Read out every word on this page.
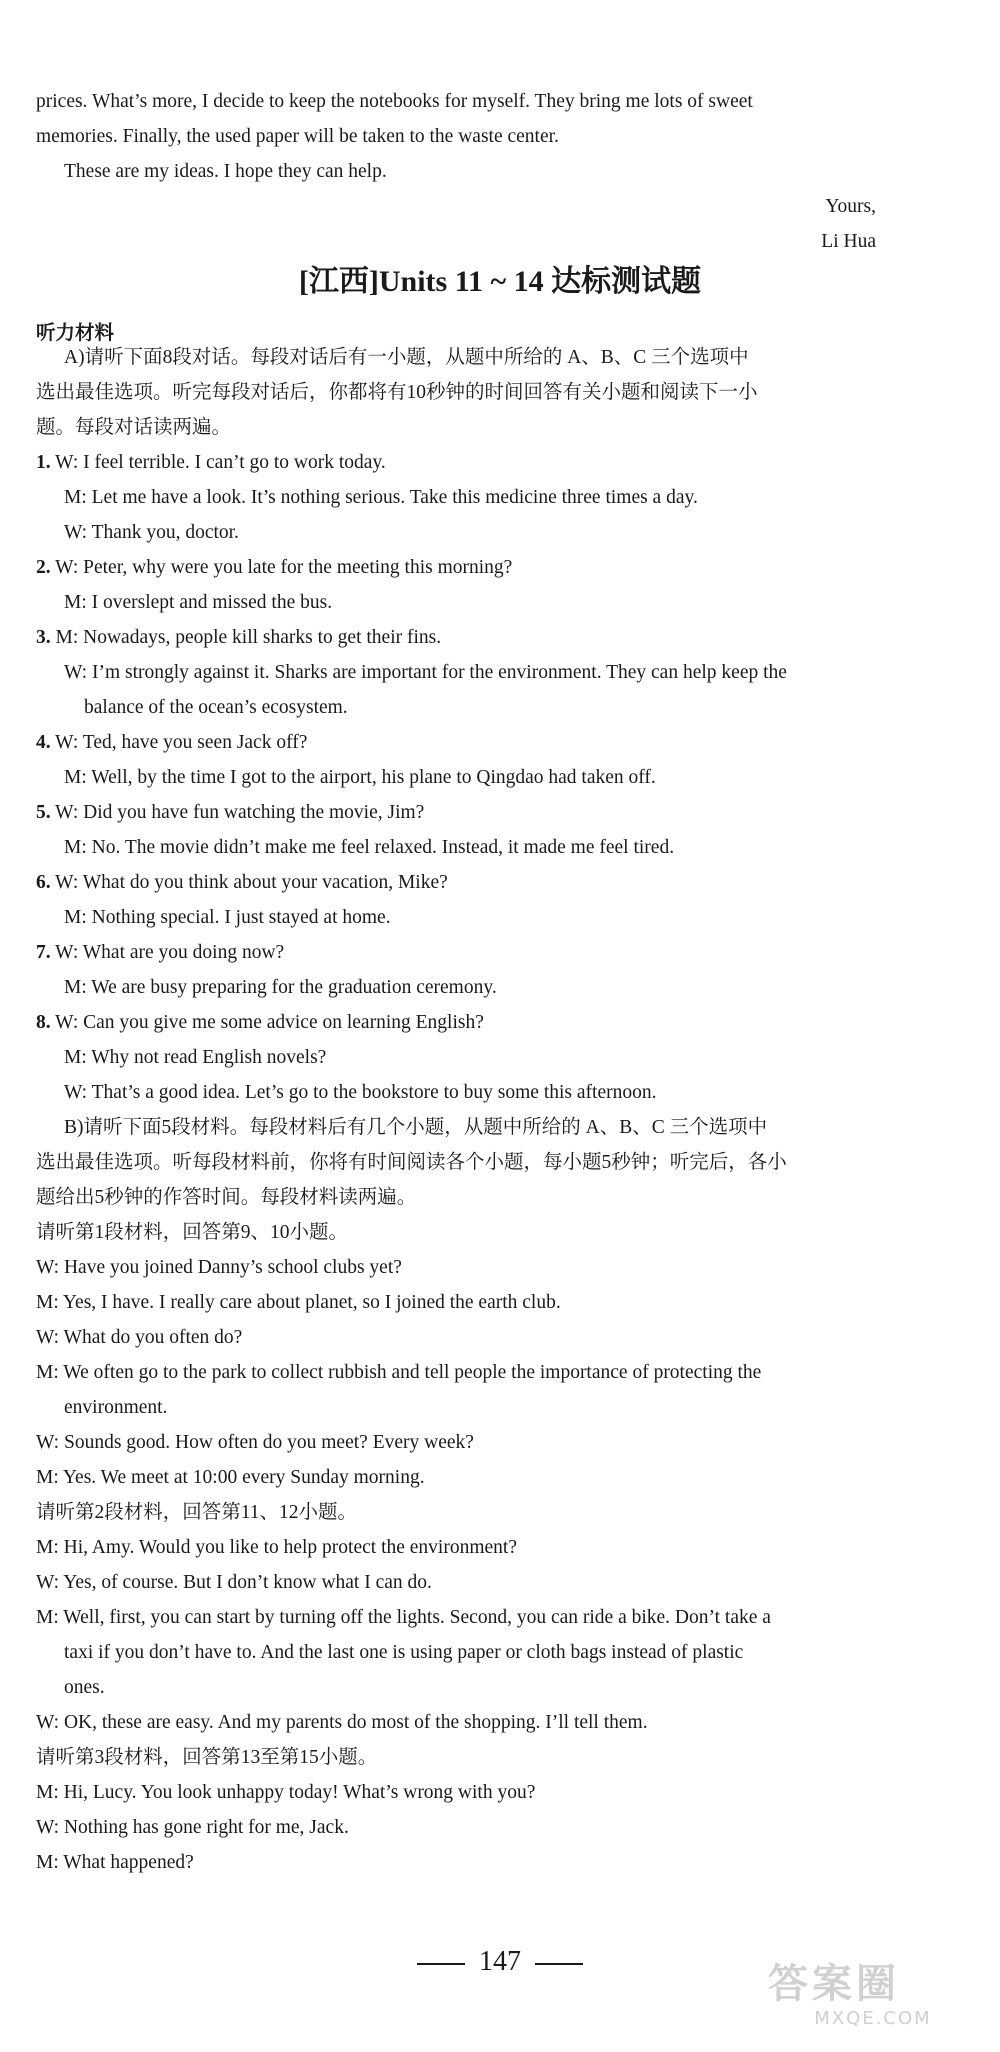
prices. What’s more, I decide to keep the notebooks for myself. They bring me lots of sweet
memories. Finally, the used paper will be taken to the waste center.
These are my ideas. I hope they can help.
Yours,
Li Hua
[江西]Units 11 ~ 14 达标测试题
听力材料
A)请听下面8段对话。每段对话后有一小题，从题中所给的 A、B、C 三个选项中
选出最佳选项。听完每段对话后，你都将有10秒钟的时间回答有关小题和阅读下一小
题。每段对话读两遍。
1. W: I feel terrible. I can’t go to work today.
M: Let me have a look. It’s nothing serious. Take this medicine three times a day.
W: Thank you, doctor.
2. W: Peter, why were you late for the meeting this morning?
M: I overslept and missed the bus.
3. M: Nowadays, people kill sharks to get their fins.
W: I’m strongly against it. Sharks are important for the environment. They can help keep the
balance of the ocean’s ecosystem.
4. W: Ted, have you seen Jack off?
M: Well, by the time I got to the airport, his plane to Qingdao had taken off.
5. W: Did you have fun watching the movie, Jim?
M: No. The movie didn’t make me feel relaxed. Instead, it made me feel tired.
6. W: What do you think about your vacation, Mike?
M: Nothing special. I just stayed at home.
7. W: What are you doing now?
M: We are busy preparing for the graduation ceremony.
8. W: Can you give me some advice on learning English?
M: Why not read English novels?
W: That’s a good idea. Let’s go to the bookstore to buy some this afternoon.
B)请听下面5段材料。每段材料后有几个小题，从题中所给的 A、B、C 三个选项中
选出最佳选项。听每段材料前，你将有时间阅读各个小题，每小题5秒钟；听完后，各小
题给出5秒钟的作答时间。每段材料读两遍。
请听第1段材料，回答第9、10小题。
W: Have you joined Danny’s school clubs yet?
M: Yes, I have. I really care about planet, so I joined the earth club.
W: What do you often do?
M: We often go to the park to collect rubbish and tell people the importance of protecting the
environment.
W: Sounds good. How often do you meet? Every week?
M: Yes. We meet at 10:00 every Sunday morning.
请听第2段材料，回答第11、12小题。
M: Hi, Amy. Would you like to help protect the environment?
W: Yes, of course. But I don’t know what I can do.
M: Well, first, you can start by turning off the lights. Second, you can ride a bike. Don’t take a
taxi if you don’t have to. And the last one is using paper or cloth bags instead of plastic
ones.
W: OK, these are easy. And my parents do most of the shopping. I’ll tell them.
请听第3段材料，回答第13至第15小题。
M: Hi, Lucy. You look unhappy today! What’s wrong with you?
W: Nothing has gone right for me, Jack.
M: What happened?
147	答案圈
MXQE.COM
